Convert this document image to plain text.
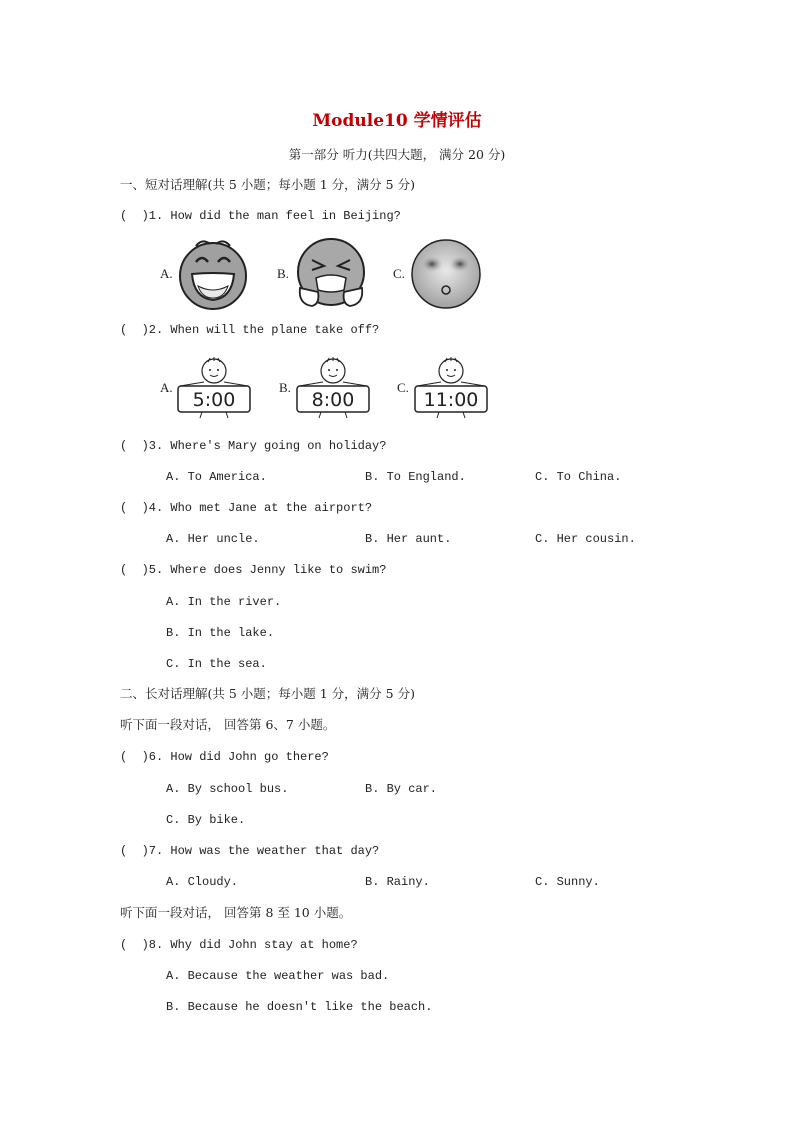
Module10 学情评估
第一部分 听力(共四大题， 满分 20 分)
一、短对话理解(共 5 小题；每小题 1 分，满分 5 分)
(  )1. How did the man feel in Beijing?
A.	B.	C.
(  )2. When will the plane take off?
A.
5:00
B.
8:00
C.
11:00
(  )3. Where's Mary going on holiday?
A. To America.	B. To England.	C. To China.
(  )4. Who met Jane at the airport?
A. Her uncle.	B. Her aunt.	C. Her cousin.
(  )5. Where does Jenny like to swim?
A. In the river.
B. In the lake.
C. In the sea.
二、长对话理解(共 5 小题；每小题 1 分，满分 5 分)
听下面一段对话， 回答第 6、7 小题。
(  )6. How did John go there?
A. By school bus.	B. By car.
C. By bike.
(  )7. How was the weather that day?
A. Cloudy.	B. Rainy.	C. Sunny.
听下面一段对话， 回答第 8 至 10 小题。
(  )8. Why did John stay at home?
A. Because the weather was bad.
B. Because he doesn't like the beach.
